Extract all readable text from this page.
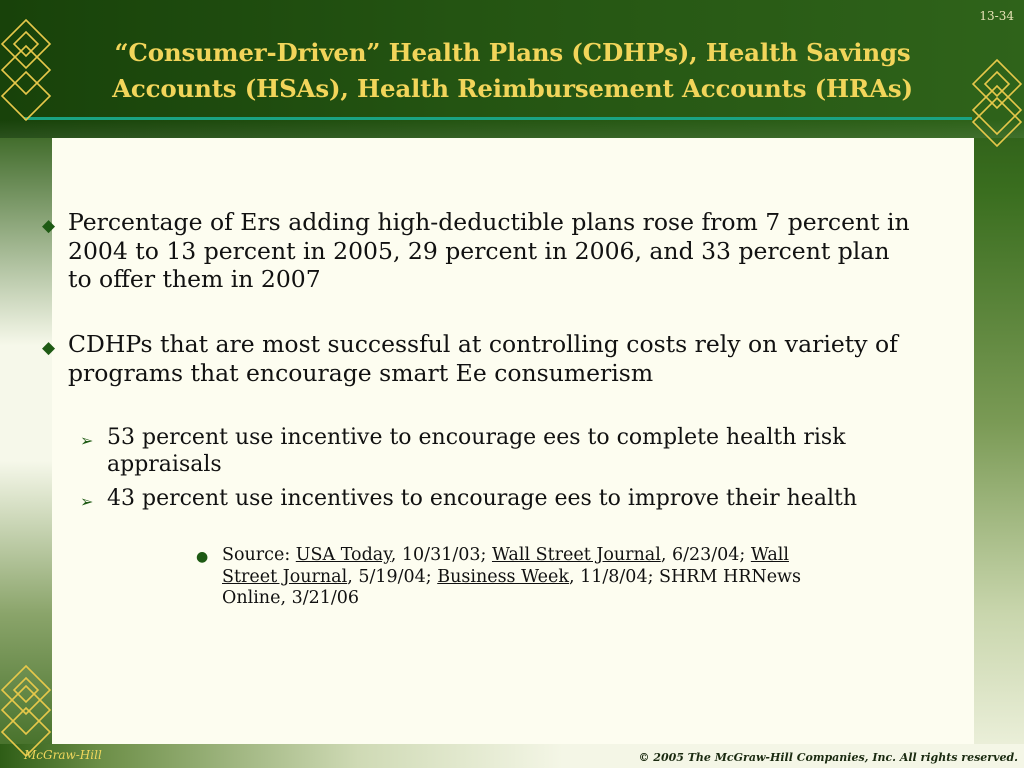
13-34
“Consumer-Driven” Health Plans (CDHPs), Health Savings Accounts (HSAs), Health Reimbursement Accounts (HRAs)
◆ Percentage of Ers adding high-deductible plans rose from 7 percent in 2004 to 13 percent in 2005, 29 percent in 2006, and 33 percent plan to offer them in 2007
◆ CDHPs that are most successful at controlling costs rely on variety of programs that encourage smart Ee consumerism
➢ 53 percent use incentive to encourage ees to complete health risk appraisals
➢ 43 percent use incentives to encourage ees to improve their health
● Source: USA Today, 10/31/03; Wall Street Journal, 6/23/04; Wall Street Journal, 5/19/04; Business Week, 11/8/04; SHRM HRNews Online, 3/21/06
McGraw-Hill	© 2005 The McGraw-Hill Companies, Inc. All rights reserved.
